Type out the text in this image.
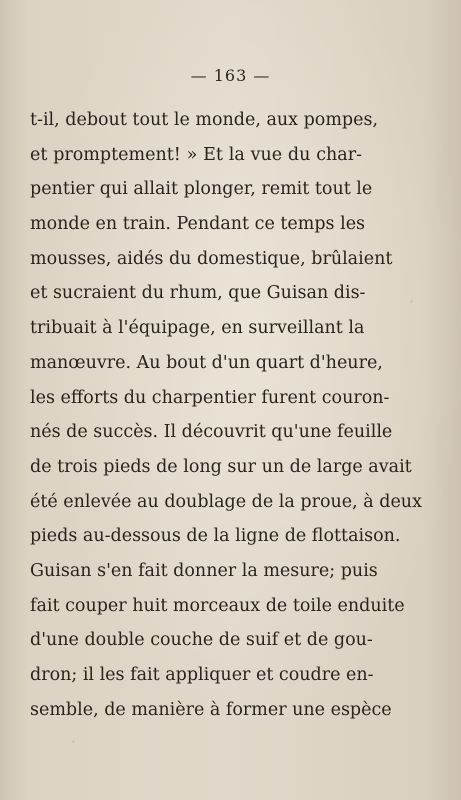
— 163 —
t-il, debout tout le monde, aux pompes,
et promptement! » Et la vue du char-
pentier qui allait plonger, remit tout le
monde en train. Pendant ce temps les
mousses, aidés du domestique, brûlaient
et sucraient du rhum, que Guisan dis-
tribuait à l'équipage, en surveillant la
manœuvre. Au bout d'un quart d'heure,
les efforts du charpentier furent couron-
nés de succès. Il découvrit qu'une feuille
de trois pieds de long sur un de large avait
été enlevée au doublage de la proue, à deux
pieds au-dessous de la ligne de flottaison.
Guisan s'en fait donner la mesure; puis
fait couper huit morceaux de toile enduite
d'une double couche de suif et de gou-
dron; il les fait appliquer et coudre en-
semble, de manière à former une espèce
